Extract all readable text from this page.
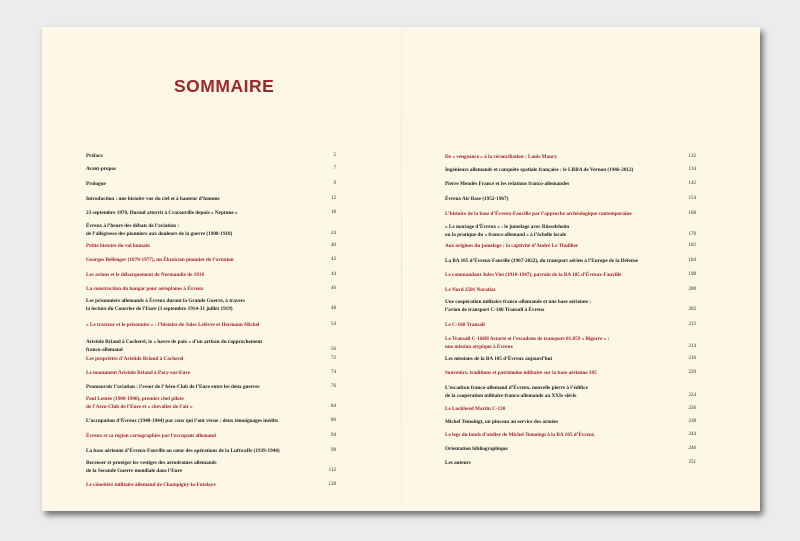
SOMMAIRE
Préface	5
Avant-propos	7
Prologue	9
Introduction : une histoire vue du ciel et à hauteur d’homme	12
23 septembre 1870, Durouf atterrit à Cracouville depuis « Neptune »	18
Évreux à l’heure des débats de l’aviation :
de l’allégresse des pionniers aux douleurs de la guerre (1908-1918)	24
Petite histoire du vol humain	40
Georges Bellenger (1878-1977), un Ébroïcien pionnier de l’aviation	42
Les avions et le débarquement de Normandie de 1910	44
La construction du hangar pour aéroplanes à Évreux	46
Les prisonniers allemands à Évreux durant la Grande Guerre, à travers
la lecture du Courrier de l’Eure (3 septembre 1914-31 juillet 1919)	48
« Le tracteur et le prisonnier » : l’histoire de Jules Lefèvre et Hermann Mickel	54
Aristide Briand à Cocherel, le « havre de paix » d’un artisan du rapprochement
franco-allemand	56
Les propriétés d’Aristide Briand à Cocherel	72
Le monument Aristide Briand à Pacy-sur-Eure	74
Promouvoir l’aviation : l’essor de l’Aéro-Club de l’Eure entre les deux guerres	76
Paul Lemée (1900-1940), premier chef pilote
de l’Aéro-Club de l’Eure et « chevalier de l’air »	84
L’occupation d’Évreux (1940-1944) par ceux qui l’ont vécue : deux témoignages inédits	86
Évreux et sa région cartographiés par l’occupant allemand	94
La base aérienne d’Évreux-Fauville au cœur des opérations de la Luftwaffe (1939-1944)	98
Recenser et protéger les vestiges des aérodromes allemands
de la Seconde Guerre mondiale dans l’Eure	112
Le cimetière militaire allemand de Champigny-la-Futelaye	128
De « vengeance » à la réconciliation : Louis Maury	132
Ingénieurs allemands et conquête spatiale française : le LRBA de Vernon (1946-2012)	134
Pierre Mendès France et les relations franco-allemandes	142
Évreux Air Base (1952-1967)	154
L’histoire de la base d’Évreux-Fauville par l’approche archéologique contemporaine	168
« Le mariage d’Évreux » : le jumelage avec Rüsselsheim
ou la pratique du « franco-allemand » à l’échelle locale	170
Aux origines du jumelage : la captivité d’André Le Thuillier	182
La BA 105 d’Évreux-Fauville (1967-2022), du transport aérien à l’Europe de la Défense	184
Le commandant Jules Viet (1910-1947), parrain de la BA 105 d’Évreux-Fauville	198
Le Nord 2501 Noratlas	200
Une coopération militaire franco-allemande et une base aérienne :
l’avion de transport C-160 Transall à Évreux	202
Le C-160 Transall	212
Le Transall C-160H Astarté et l’escadron de transport 01.059 « Bigorre » :
une mission atypique à Évreux	214
Les missions de la BA 105 d’Évreux aujourd’hui	216
Souvenirs, traditions et patrimoine militaire sur la base aérienne 105	220
L’escadron franco-allemand d’Évreux, nouvelle pierre à l’édifice
de la coopération militaire franco-allemande au XXIe siècle	224
Le Lockheed Martin C-130	236
Michel Temoingt, un pinceau au service des armées	238
Le legs du fonds d’atelier de Michel Temoingt à la BA 105 d’Évreux	244
Orientation bibliographique	246
Les auteurs	251
